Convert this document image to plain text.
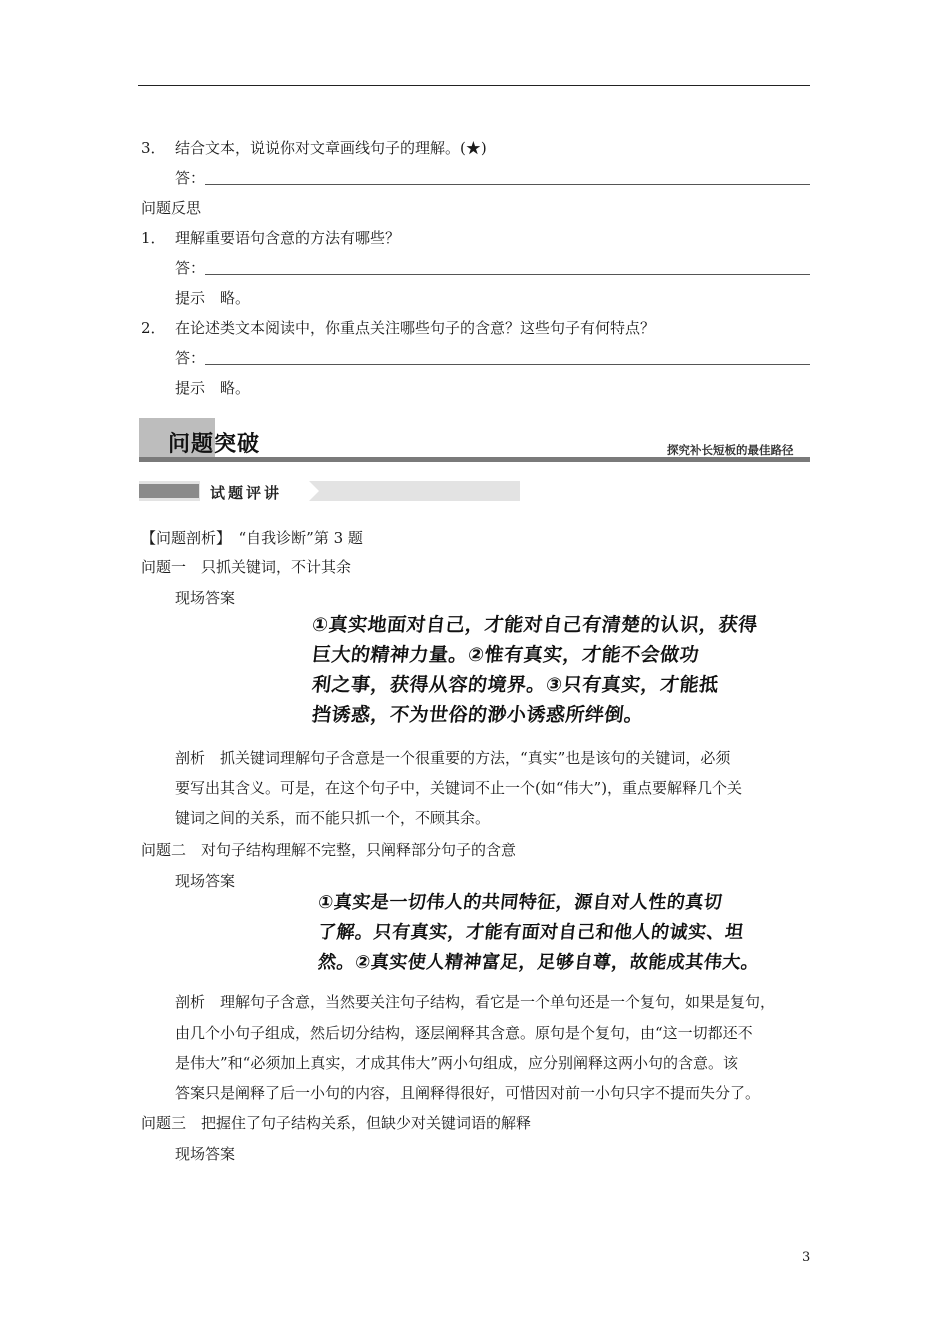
3． 结合文本，说说你对文章画线句子的理解。(★)
答：
问题反思
1． 理解重要语句含意的方法有哪些？
答：
提示　略。
2． 在论述类文本阅读中，你重点关注哪些句子的含意？这些句子有何特点？
答：
提示　略。
问题突破	探究补长短板的最佳路径
试题评讲
【问题剖析】　“自我诊断”第 3 题
问题一　只抓关键词，不计其余
现场答案
①真实地面对自己，才能对自己有清楚的认识，获得
巨大的精神力量。②惟有真实，才能不会做功
利之事，获得从容的境界。③只有真实，才能抵
挡诱惑，不为世俗的渺小诱惑所绊倒。
剖析　抓关键词理解句子含意是一个很重要的方法，“真实”也是该句的关键词，必须
要写出其含义。可是，在这个句子中，关键词不止一个(如“伟大”)，重点要解释几个关
键词之间的关系，而不能只抓一个，不顾其余。
问题二　对句子结构理解不完整，只阐释部分句子的含意
现场答案
①真实是一切伟人的共同特征，源自对人性的真切
了解。只有真实，才能有面对自己和他人的诚实、坦
然。②真实使人精神富足，足够自尊，故能成其伟大。
剖析　理解句子含意，当然要关注句子结构，看它是一个单句还是一个复句，如果是复句，
由几个小句子组成，然后切分结构，逐层阐释其含意。原句是个复句，由“这一切都还不
是伟大”和“必须加上真实，才成其伟大”两小句组成，应分别阐释这两小句的含意。该
答案只是阐释了后一小句的内容，且阐释得很好，可惜因对前一小句只字不提而失分了。
问题三　把握住了句子结构关系，但缺少对关键词语的解释
现场答案
3
